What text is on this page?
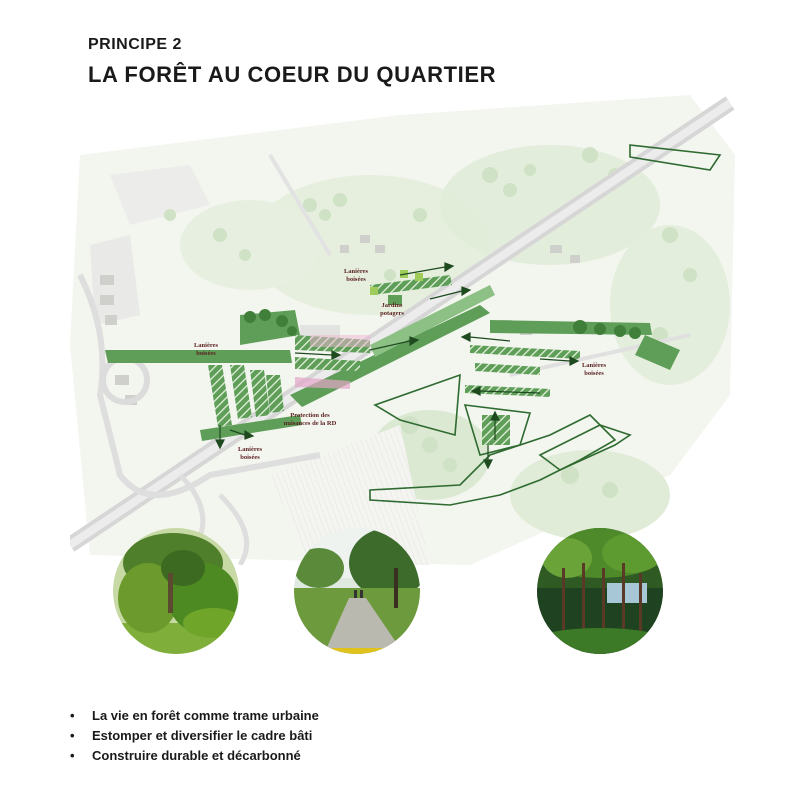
PRINCIPE 2

LA FORÊT AU COEUR DU QUARTIER

Lanières
boisées
Jardins
potagers
Lanières
boisées
Lanières
boisées
Protection des
nuisances de la RD
Lanières
boisées
•	La vie en forêt comme trame urbaine
•	Estomper et diversifier le cadre bâti
•	Construire durable et décarbonné
